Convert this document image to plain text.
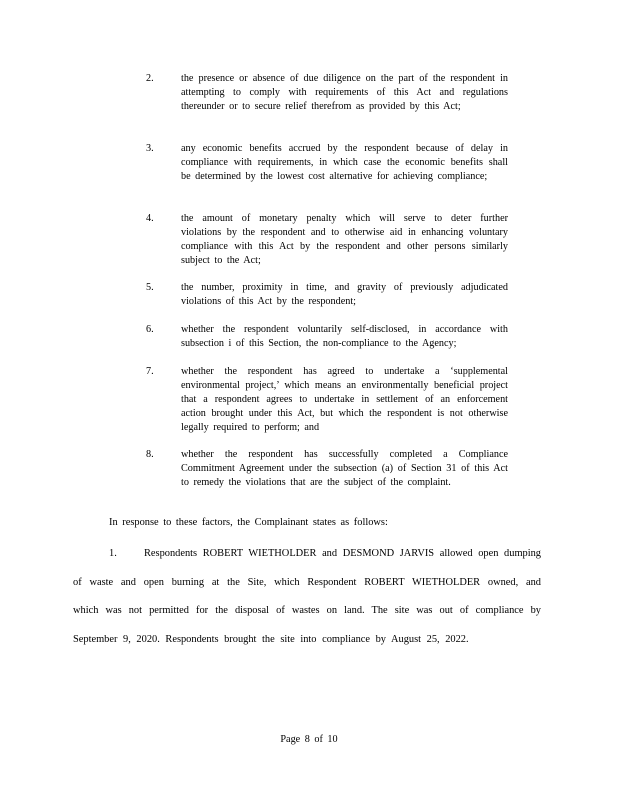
2.	the presence or absence of due diligence on the part of the respondent in attempting to comply with requirements of this Act and regulations thereunder or to secure relief therefrom as provided by this Act;
3.	any economic benefits accrued by the respondent because of delay in compliance with requirements, in which case the economic benefits shall be determined by the lowest cost alternative for achieving compliance;
4.	the amount of monetary penalty which will serve to deter further violations by the respondent and to otherwise aid in enhancing voluntary compliance with this Act by the respondent and other persons similarly subject to the Act;
5.	the number, proximity in time, and gravity of previously adjudicated violations of this Act by the respondent;
6.	whether the respondent voluntarily self-disclosed, in accordance with subsection i of this Section, the non-compliance to the Agency;
7.	whether the respondent has agreed to undertake a ‘supplemental environmental project,’ which means an environmentally beneficial project that a respondent agrees to undertake in settlement of an enforcement action brought under this Act, but which the respondent is not otherwise legally required to perform; and
8.	whether the respondent has successfully completed a Compliance Commitment Agreement under the subsection (a) of Section 31 of this Act to remedy the violations that are the subject of the complaint.
In response to these factors, the Complainant states as follows:
1.	Respondents ROBERT WIETHOLDER and DESMOND JARVIS allowed open dumping of waste and open burning at the Site, which Respondent ROBERT WIETHOLDER owned, and which was not permitted for the disposal of wastes on land. The site was out of compliance by September 9, 2020. Respondents brought the site into compliance by August 25, 2022.
Page 8 of 10
